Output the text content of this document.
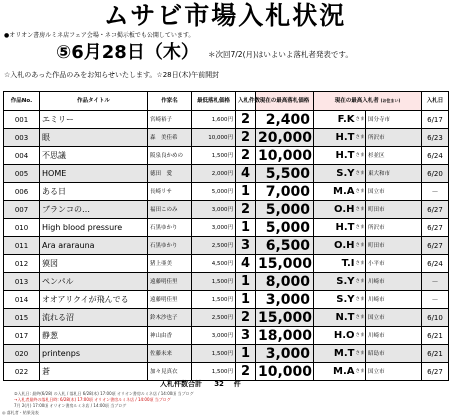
ムサビ市場入札状況
●オリオン書房ルミネ店フェア会場・ネコ掲示板でも公開しています。
⑤6月28日（木） ＊次回7/2(月)はいよいよ落札者発表です。
☆入札のあった作品のみをお知らせいたします。☆28日(木)午前開封
作品No.	作品タイトル	作家名	最低落札価格	入札件数	現在の最高落札価格	現在の最高入札者 (お住まい)			入札日
001	エミリー	宮崎裕子	1,600円	2	2,400	F.K	さま	国分寺市	6/17
003	眼	森　美佳希	10,000円	2	20,000	H.T	さま	所沢市	6/23
004	不思議	阪泉良かめの	1,500円	2	10,000	H.T	さま	杉並区	6/24
005	HOME	徳田　愛	2,000円	4	5,500	S.Y	さま	東大和市	6/20
006	ある日	長崎リサ	5,000円	1	7,000	M.A	さま	国立市	－
007	ブランコの…	福田このみ	3,000円	2	5,000	O.H	さま	町田市	6/27
010	High blood pressure	石黒ゆかり	3,000円	1	5,000	H.T	さま	所沢市	6/27
011	Ara ararauna	石黒ゆかり	2,500円	3	6,500	O.H	さま	町田市	6/27
012	獏図	猪上亜美	4,500円	4	15,000	T.I	さま	小平市	6/24
013	ペンパル	遠藤明佳里	1,500円	1	8,000	S.Y	さま	川崎市	－
014	オオアリクイが飛んでる	遠藤明佳里	1,500円	1	3,000	S.Y	さま	川崎市	－
015	流れる沼	鈴木沙也子	2,500円	2	15,000	N.T	さま	国立市	6/10
017	静葱	神山由香	3,000円	3	18,000	H.O	さま	川崎市	6/21
020	printenps	佐藤未来	1,500円	1	3,000	M.T	さま	昭島市	6/21
022	蒼	加々見真衣	1,500円	2	10,000	M.A	さま	国立市	6/27
入札件数合計 32 件
②入札日: 最終(6/28) の入札 / 落札日 6/28(木) 17:00頃 オリオン書房ルミネ店 / 14:00頃 当ブログ
→入札者最終の落札日時: 6/28(木) 17:00頃 オリオン書房ルミネ店 / 14:00頃 当ブログ
7月 2(月) 17:00頃 オリオン書房ルミネ店 / 14:00頃 当ブログ
◎ 落札者・結果発表
